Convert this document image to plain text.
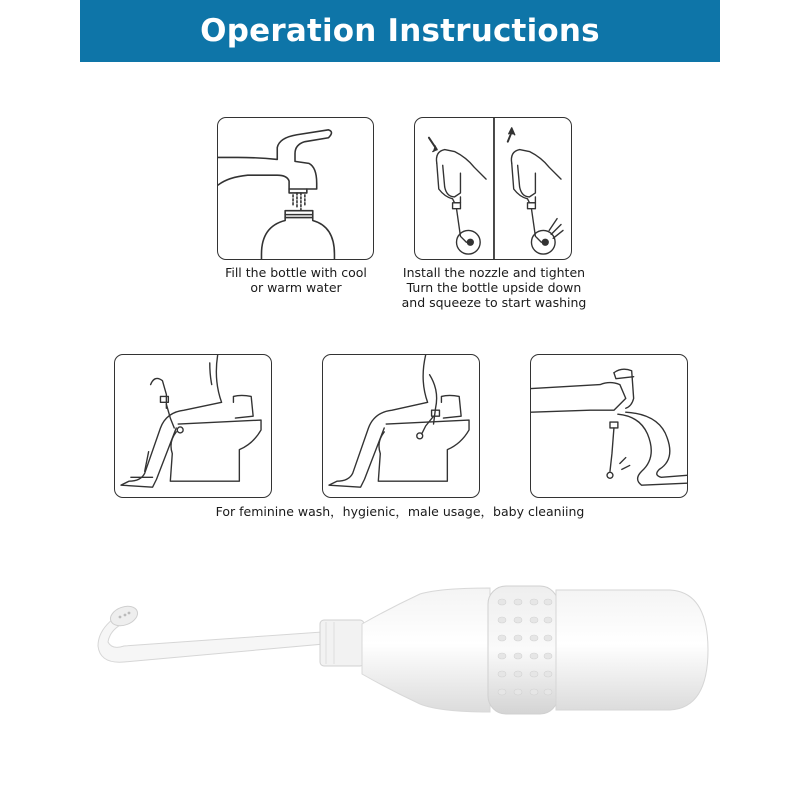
Operation Instructions
Fill the bottle with cool
or warm water
Install the nozzle and tighten
Turn the bottle upside down
and squeeze to start washing
For feminine wash，hygienic，male usage，baby cleaniing
